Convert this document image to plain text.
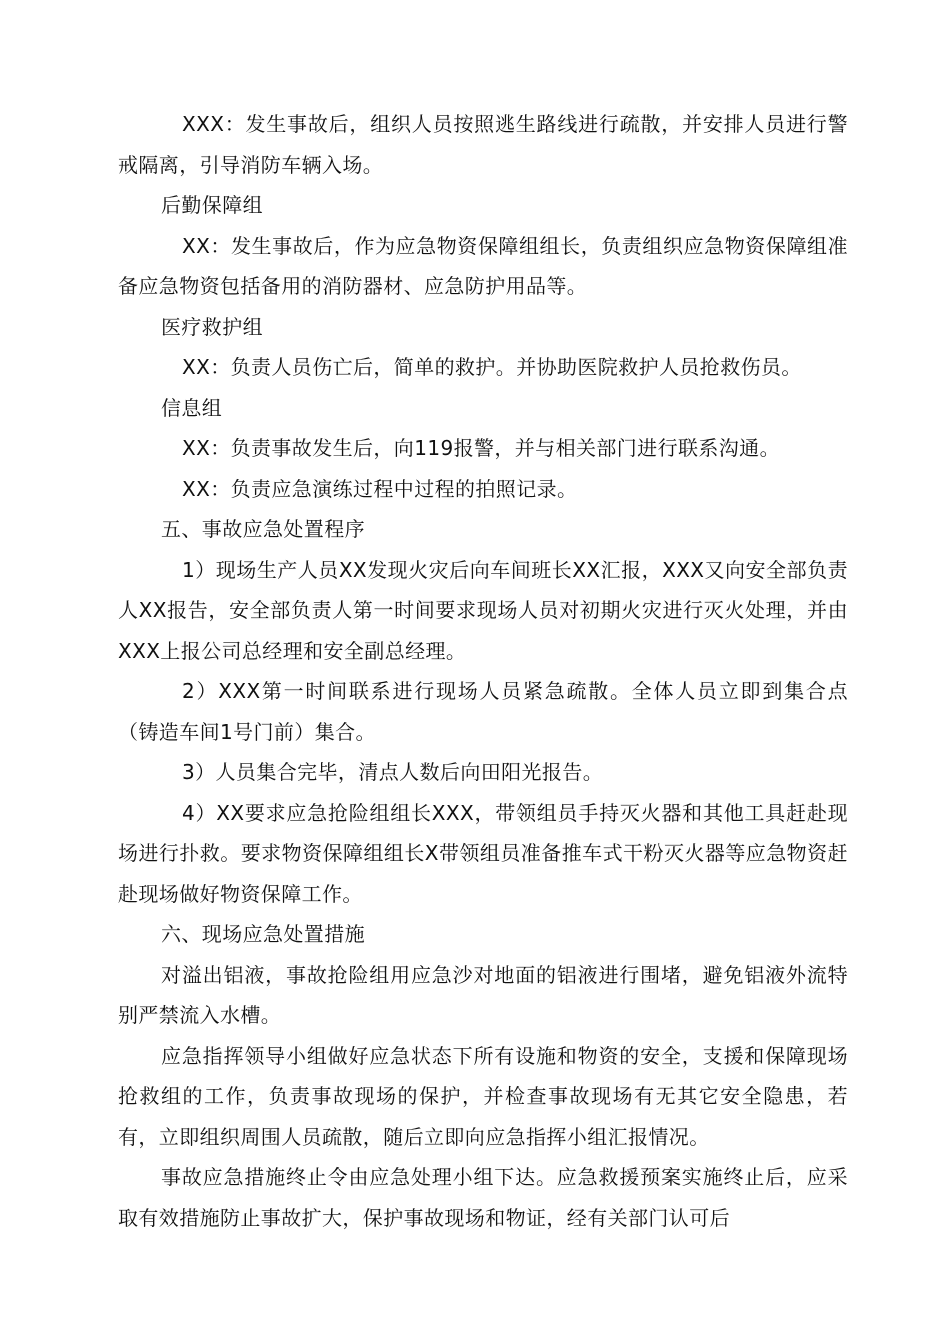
XXX：发生事故后，组织人员按照逃生路线进行疏散，并安排人员进行警戒隔离，引导消防车辆入场。

后勤保障组

XX：发生事故后，作为应急物资保障组组长，负责组织应急物资保障组准备应急物资包括备用的消防器材、应急防护用品等。

医疗救护组

XX：负责人员伤亡后，简单的救护。并协助医院救护人员抢救伤员。

信息组

XX：负责事故发生后，向119报警，并与相关部门进行联系沟通。

XX：负责应急演练过程中过程的拍照记录。

五、事故应急处置程序

1）现场生产人员XX发现火灾后向车间班长XX汇报，XXX又向安全部负责人XX报告，安全部负责人第一时间要求现场人员对初期火灾进行灭火处理，并由XXX上报公司总经理和安全副总经理。

2）XXX第一时间联系进行现场人员紧急疏散。全体人员立即到集合点（铸造车间1号门前）集合。

3）人员集合完毕，清点人数后向田阳光报告。

4）XX要求应急抢险组组长XXX，带领组员手持灭火器和其他工具赶赴现场进行扑救。要求物资保障组组长X带领组员准备推车式干粉灭火器等应急物资赶赴现场做好物资保障工作。

六、现场应急处置措施

对溢出铝液，事故抢险组用应急沙对地面的铝液进行围堵，避免铝液外流特别严禁流入水槽。

应急指挥领导小组做好应急状态下所有设施和物资的安全，支援和保障现场抢救组的工作，负责事故现场的保护，并检查事故现场有无其它安全隐患，若有，立即组织周围人员疏散，随后立即向应急指挥小组汇报情况。

事故应急措施终止令由应急处理小组下达。应急救援预案实施终止后，应采取有效措施防止事故扩大，保护事故现场和物证，经有关部门认可后
